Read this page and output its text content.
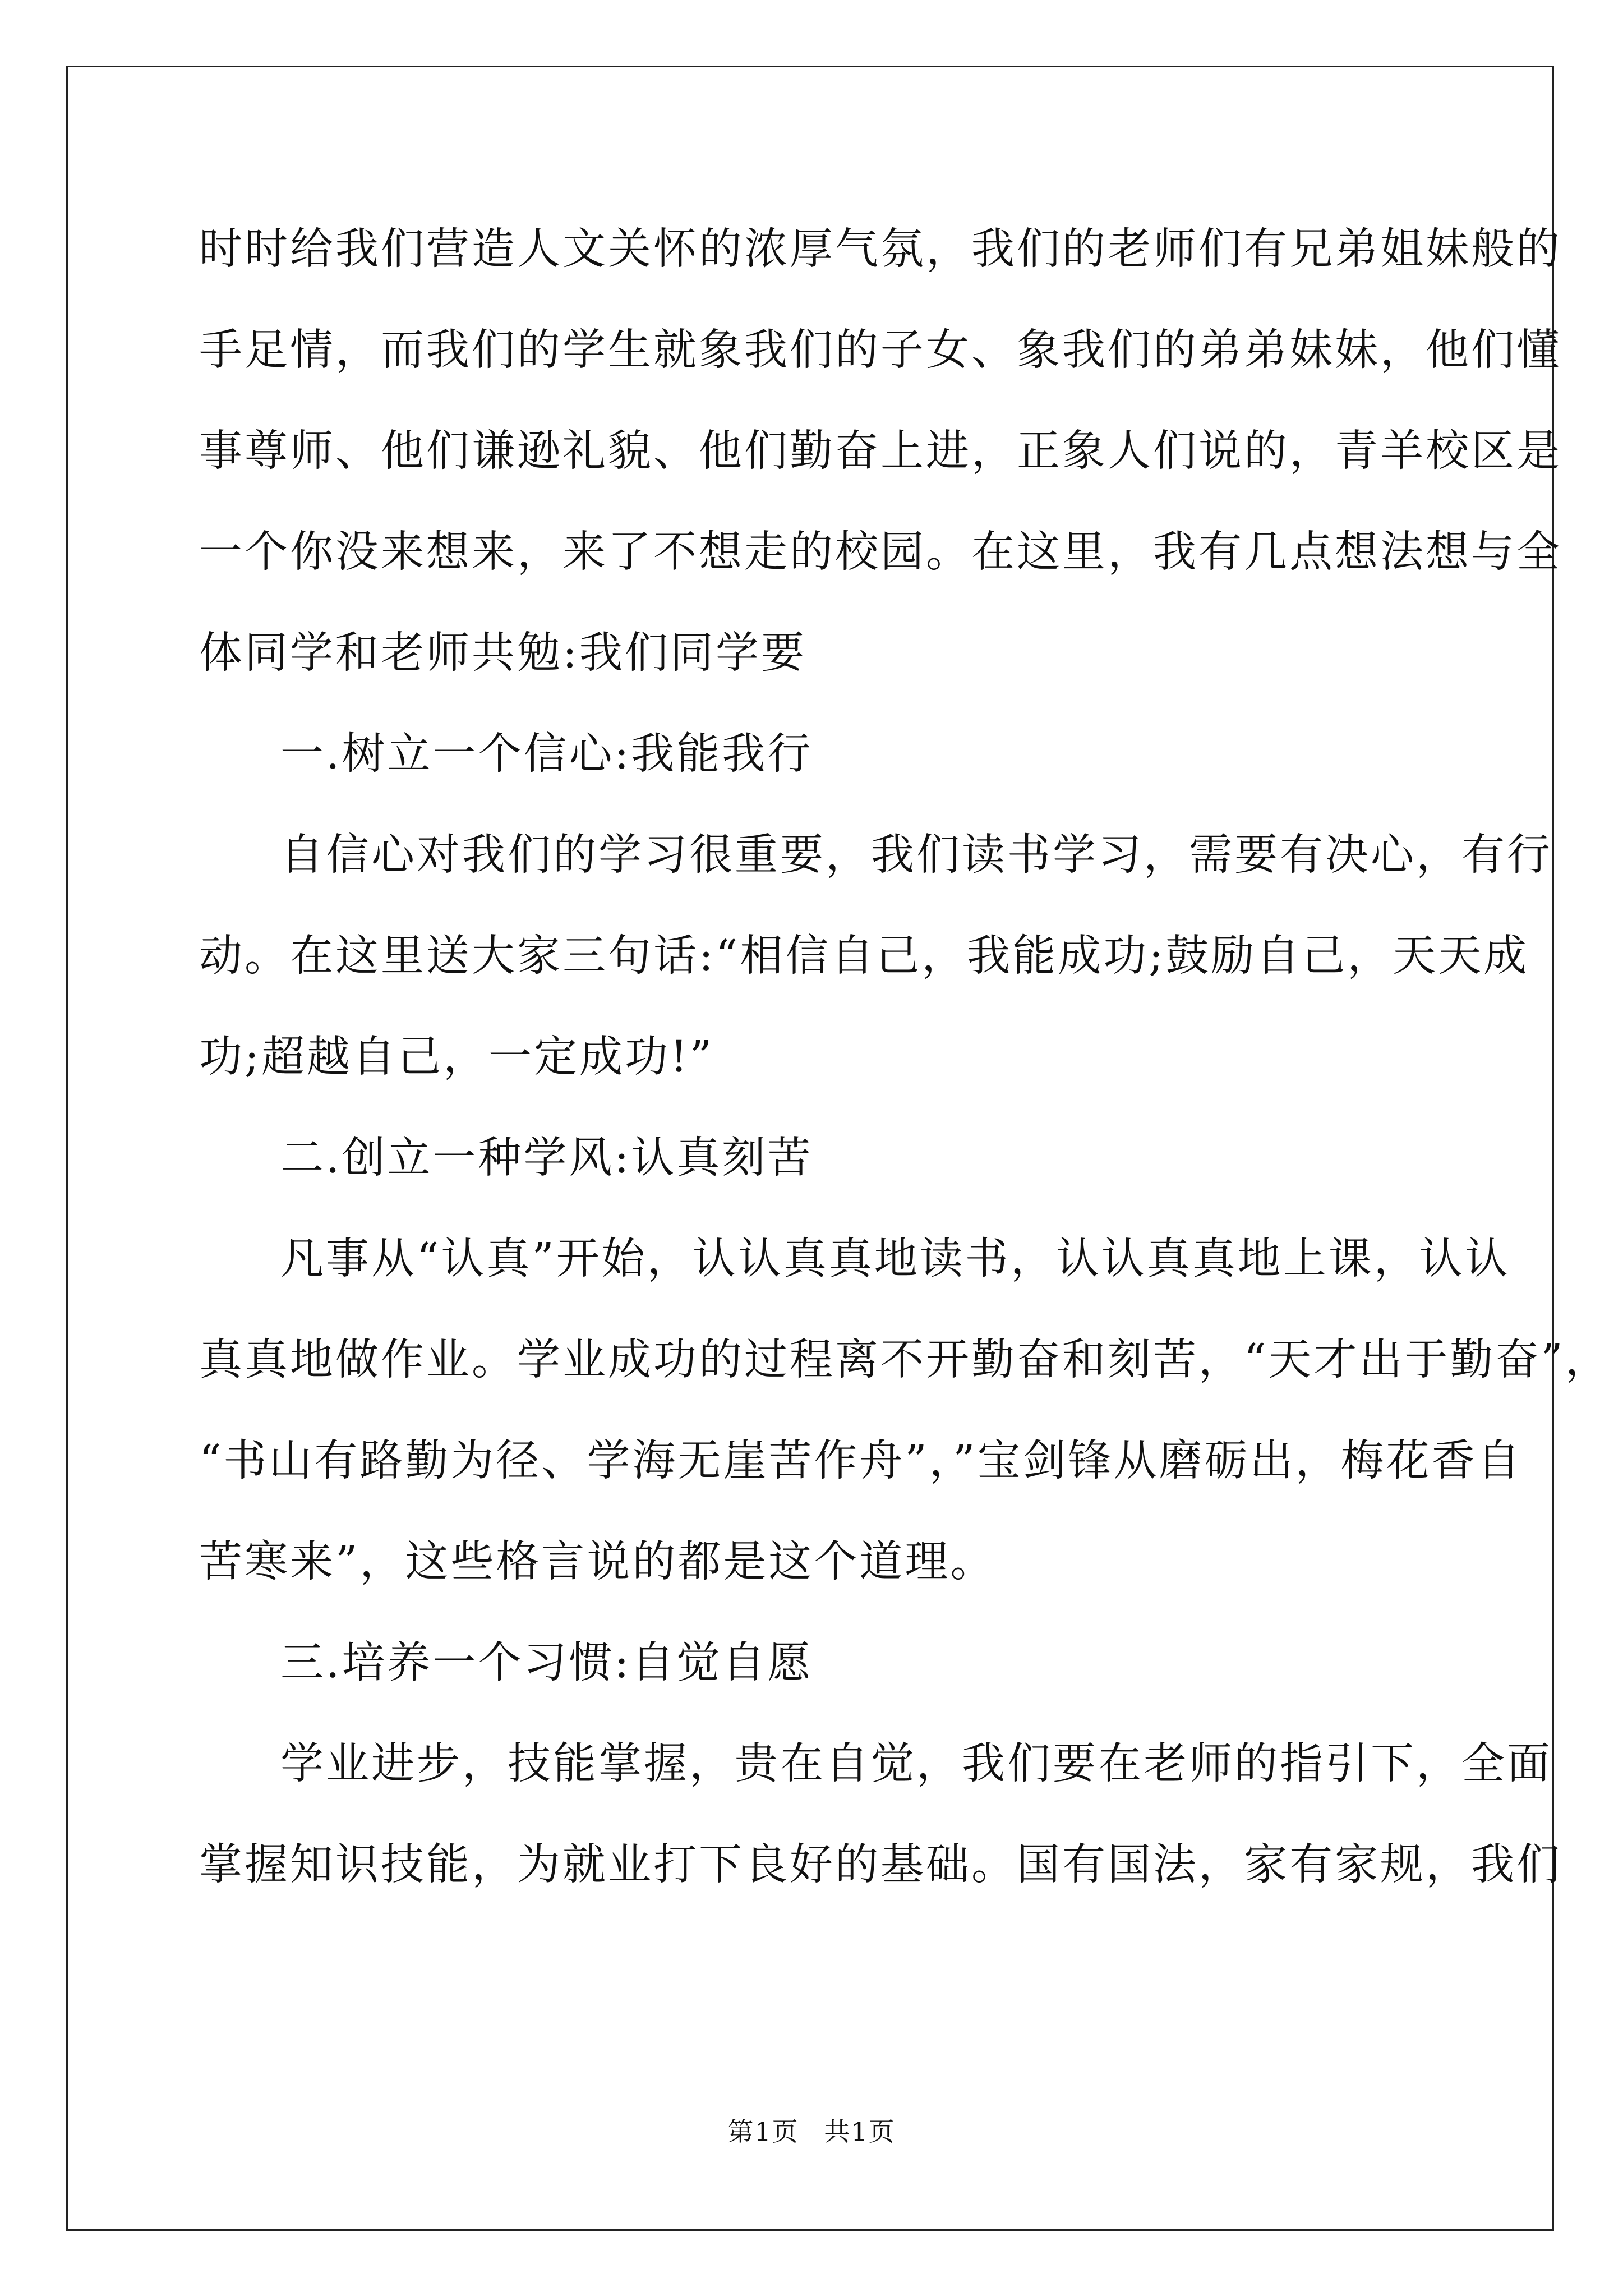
时时给我们营造人文关怀的浓厚气氛，我们的老师们有兄弟姐妹般的
手足情，而我们的学生就象我们的子女、象我们的弟弟妹妹，他们懂
事尊师、他们谦逊礼貌、他们勤奋上进，正象人们说的，青羊校区是
一个你没来想来，来了不想走的校园。在这里，我有几点想法想与全
体同学和老师共勉:我们同学要
一.树立一个信心:我能我行
自信心对我们的学习很重要，我们读书学习，需要有决心，有行
动。在这里送大家三句话:“相信自己，我能成功;鼓励自己，天天成
功;超越自己，一定成功!”
二.创立一种学风:认真刻苦
凡事从“认真”开始，认认真真地读书，认认真真地上课，认认
真真地做作业。学业成功的过程离不开勤奋和刻苦，“天才出于勤奋”，
“书山有路勤为径、学海无崖苦作舟”，”宝剑锋从磨砺出，梅花香自
苦寒来”，这些格言说的都是这个道理。
三.培养一个习惯:自觉自愿
学业进步，技能掌握，贵在自觉，我们要在老师的指引下，全面
掌握知识技能，为就业打下良好的基础。国有国法，家有家规，我们
第1页 共1页
